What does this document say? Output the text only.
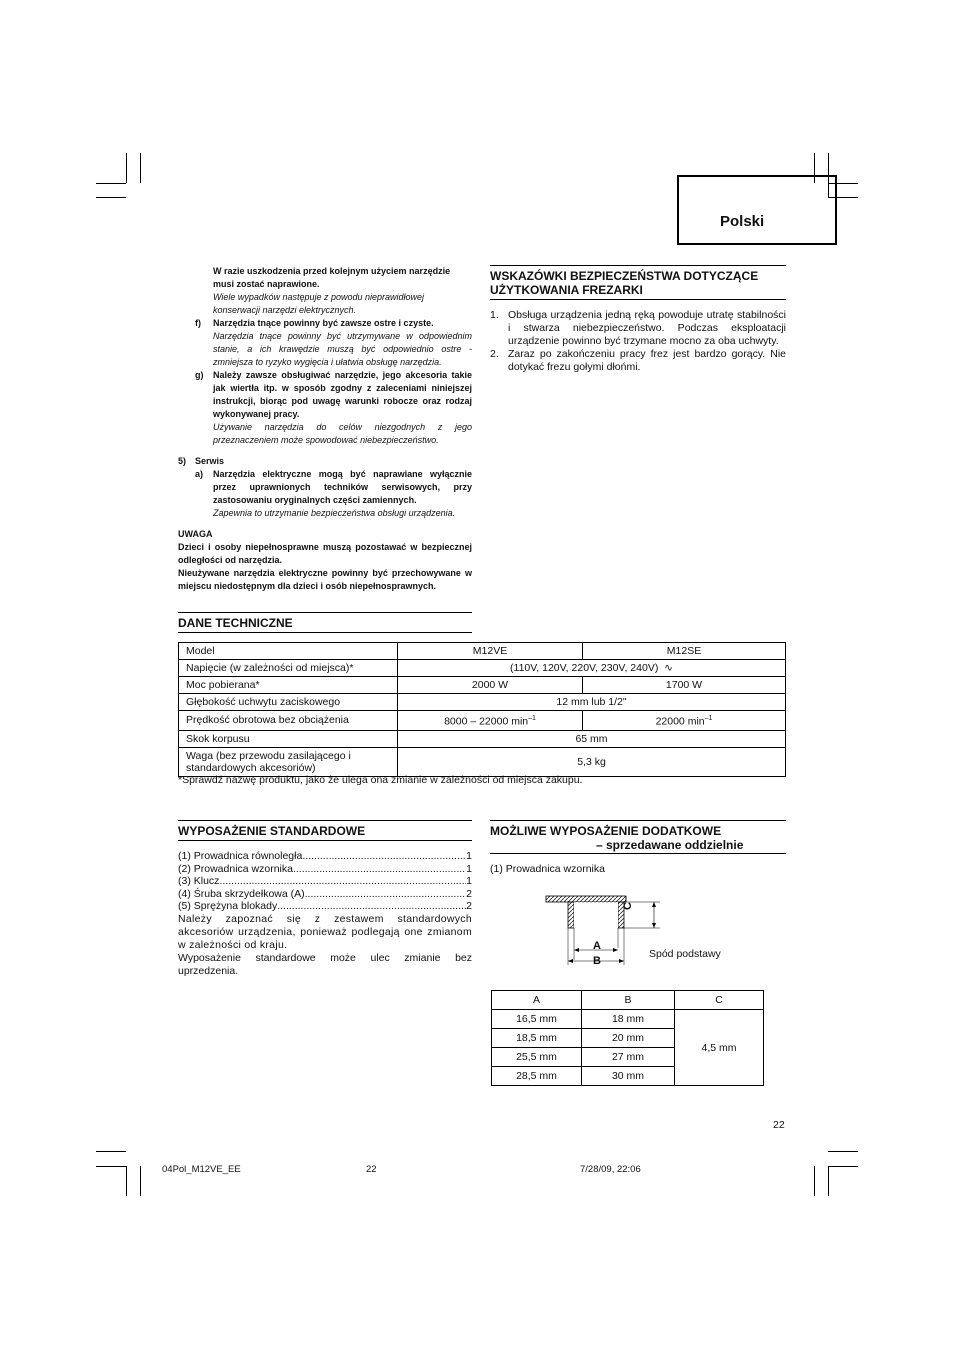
Polski
W razie uszkodzenia przed kolejnym użyciem narzędzie musi zostać naprawione.
Wiele wypadków następuje z powodu nieprawidłowej konserwacji narzędzi elektrycznych.
f)	Narzędzia tnące powinny być zawsze ostre i czyste.
Narzędzia tnące powinny być utrzymywane w odpowiednim stanie, a ich krawędzie muszą być odpowiednio ostre - zmniejsza to ryzyko wygięcia i ułatwia obsługę narzędzia.
g)	Należy zawsze obsługiwać narzędzie, jego akcesoria takie jak wiertła itp. w sposób zgodny z zaleceniami niniejszej instrukcji, biorąc pod uwagę warunki robocze oraz rodzaj wykonywanej pracy.
Używanie narzędzia do celów niezgodnych z jego przeznaczeniem może spowodować niebezpieczeństwo.
5) Serwis
a)	Narzędzia elektryczne mogą być naprawiane wyłącznie przez uprawnionych techników serwisowych, przy zastosowaniu oryginalnych części zamiennych.
Zapewnia to utrzymanie bezpieczeństwa obsługi urządzenia.
UWAGA
Dzieci i osoby niepełnosprawne muszą pozostawać w bezpiecznej odległości od narzędzia.
Nieużywane narzędzia elektryczne powinny być przechowywane w miejscu niedostępnym dla dzieci i osób niepełnosprawnych.
WSKAZÓWKI BEZPIECZEŃSTWA DOTYCZĄCE UŻYTKOWANIA FREZARKI
1. Obsługa urządzenia jedną ręką powoduje utratę stabilności i stwarza niebezpieczeństwo. Podczas eksploatacji urządzenie powinno być trzymane mocno za oba uchwyty.
2. Zaraz po zakończeniu pracy frez jest bardzo gorący. Nie dotykać frezu gołymi dłońmi.
DANE TECHNICZNE
Model	M12VE	M12SE
Napięcie (w zależności od miejsca)*	(110V, 120V, 220V, 230V, 240V) ∿	
Moc pobierana*	2000 W	1700 W
Głębokość uchwytu zaciskowego	12 mm lub 1/2"	
Prędkość obrotowa bez obciążenia	8000 – 22000 $\min^{-1}$	22000 $\min^{-1}$
Skok korpusu	65 mm	
Waga (bez przewodu zasilającego i standardowych akcesoriów)	5,3 kg	
*Sprawdź nazwę produktu, jako że ulega ona zmianie w zależności od miejsca zakupu.
WYPOSAŻENIE STANDARDOWE
(1) Prowadnica równoległa .....	1
(2) Prowadnica wzornika .....	1
(3) Klucz .....	1
(4) Śruba skrzydełkowa (A) .....	2
(5) Sprężyna blokady .....	2
Należy zapoznać się z zestawem standardowych akcesoriów urządzenia, ponieważ podlegają one zmianom w zależności od kraju.
Wyposażenie standardowe może ulec zmianie bez uprzedzenia.
MOŻLIWE WYPOSAŻENIE DODATKOWE
– sprzedawane oddzielnie
(1) Prowadnica wzornika
A
B
C
Spód podstawy
A	B	C
16,5 mm	18 mm	4,5 mm
18,5 mm	20 mm	
25,5 mm	27 mm	
28,5 mm	30 mm	
22
04Pol_M12VE_EE	22	7/28/09, 22:06
